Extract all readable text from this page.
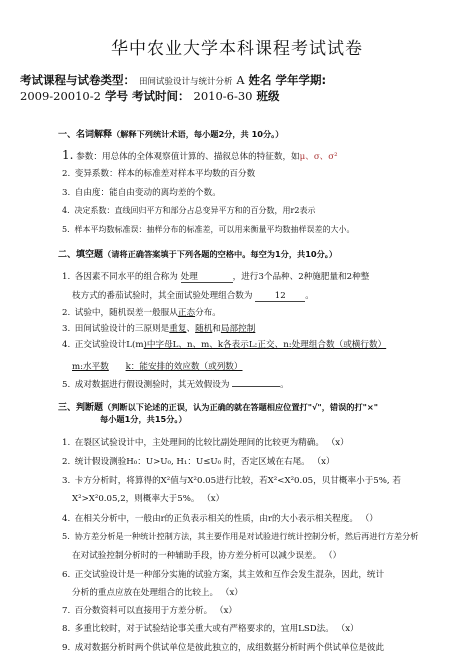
华中农业大学本科课程考试试卷
考试课程与试卷类型： 田间试验设计与统计分析 A 姓名 学年学期:
2009-20010-2 学号 考试时间： 2010-6-30 班级
一、名词解释（解释下列统计术语，每小题2分，共 10分。）
1. 参数：用总体的全体观察值计算的、描叙总体的特征数，如μ、σ、σ²
2. 变异系数：样本的标准差对样本平均数的百分数
3. 自由度：能自由变动的离均差的个数。
4. 决定系数：直线回归平方和部分占总变异平方和的百分数，用r2表示
5. 样本平均数标准误：抽样分布的标准差，可以用来衡量平均数抽样误差的大小。
二、填空题（请将正确答案填于下列各题的空格中。每空为1分，共10分。）
1. 各因素不同水平的组合称为 处理	，进行3个品种、2种施肥量和2种整
枝方式的番茄试验时，其全面试验处理组合数为	12 。
2. 试验中，随机误差一般服从正态分布。
3. 田间试验设计的三原则是重复、随机和局部控制
4. 正交试验设计L(m)中字母L、n、m、k各表示L:正交、n:处理组合数（或横行数）
m:水平数 k：能安排的效应数（或列数）
5. 成对数据进行假设测验时，其无效假设为	。
三、判断题（判断以下论述的正误，认为正确的就在答题相应位置打"√"，错误的打"×"
每小题1分，共15分。）
1. 在裂区试验设计中，主处理间的比较比副处理间的比较更为精确。 （x）
2. 统计假设测验H₀：U>U₀, H₁：U≤U₀ 时，否定区域在右尾。 （x）
3. 卡方分析时，将算得的X²值与X²0.05进行比较，若X²<X²0.05，贝甘概率小于5%, 若
X²>X²0.05,2，则概率大于5%。 （x）
4. 在相关分析中，一般由r的正负表示相关的性质，由r的大小表示相关程度。 （）
5. 协方差分析是一种统计控制方法，其主要作用是对试验进行统计控制分析，然后再进行方差分析
在对试验控制分析时的一种辅助手段，协方差分析可以减少误差。 （）
6. 正交试验设计是一种部分实施的试验方案，其主效和互作会发生混杂，因此，统计
分析的重点应放在处理组合的比较上。 （x）
7. 百分数资料可以直接用于方差分析。 （x）
8. 多重比较时，对于试验结论事关重大或有严格要求的，宜用LSD法。 （x）
9. 成对数据分析时两个供试单位是彼此独立的，成组数据分析时两个供试单位是彼此
